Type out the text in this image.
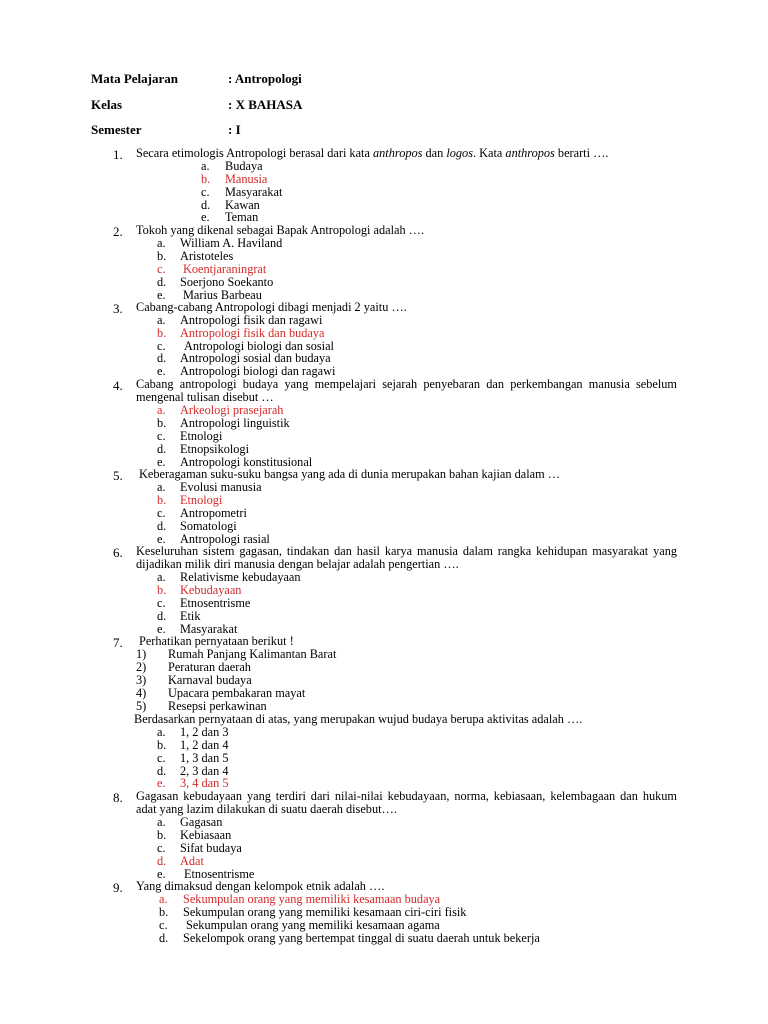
Mata Pelajaran	: Antropologi
Kelas	: X BAHASA
Semester	: I
1. Secara etimologis Antropologi berasal dari kata anthropos dan logos. Kata anthropos berarti ….
a. Budaya
b. Manusia
c. Masyarakat
d. Kawan
e. Teman
2. Tokoh yang dikenal sebagai Bapak Antropologi adalah ….
a. William A. Haviland
b. Aristoteles
c. Koentjaraningrat
d. Soerjono Soekanto
e. Marius Barbeau
3. Cabang-cabang Antropologi dibagi menjadi 2 yaitu ….
a. Antropologi fisik dan ragawi
b. Antropologi fisik dan budaya
c. Antropologi biologi dan sosial
d. Antropologi sosial dan budaya
e. Antropologi biologi dan ragawi
4. Cabang antropologi budaya yang mempelajari sejarah penyebaran dan perkembangan manusia sebelum mengenal tulisan disebut …
a. Arkeologi prasejarah
b. Antropologi linguistik
c. Etnologi
d. Etnopsikologi
e. Antropologi konstitusional
5. Keberagaman suku-suku bangsa yang ada di dunia merupakan bahan kajian dalam …
a. Evolusi manusia
b. Etnologi
c. Antropometri
d. Somatologi
e. Antropologi rasial
6. Keseluruhan sistem gagasan, tindakan dan hasil karya manusia dalam rangka kehidupan masyarakat yang dijadikan milik diri manusia dengan belajar adalah pengertian ….
a. Relativisme kebudayaan
b. Kebudayaan
c. Etnosentrisme
d. Etik
e. Masyarakat
7. Perhatikan pernyataan berikut !
1) Rumah Panjang Kalimantan Barat
2) Peraturan daerah
3) Karnaval budaya
4) Upacara pembakaran mayat
5) Resepsi perkawinan
Berdasarkan pernyataan di atas, yang merupakan wujud budaya berupa aktivitas adalah ….
a. 1, 2 dan 3
b. 1, 2 dan 4
c. 1, 3 dan 5
d. 2, 3 dan 4
e. 3, 4 dan 5
8. Gagasan kebudayaan yang terdiri dari nilai-nilai kebudayaan, norma, kebiasaan, kelembagaan dan hukum adat yang lazim dilakukan di suatu daerah disebut….
a. Gagasan
b. Kebiasaan
c. Sifat budaya
d. Adat
e. Etnosentrisme
9. Yang dimaksud dengan kelompok etnik adalah ….
a. Sekumpulan orang yang memiliki kesamaan budaya
b. Sekumpulan orang yang memiliki kesamaan ciri-ciri fisik
c. Sekumpulan orang yang memiliki kesamaan agama
d. Sekelompok orang yang bertempat tinggal di suatu daerah untuk bekerja
